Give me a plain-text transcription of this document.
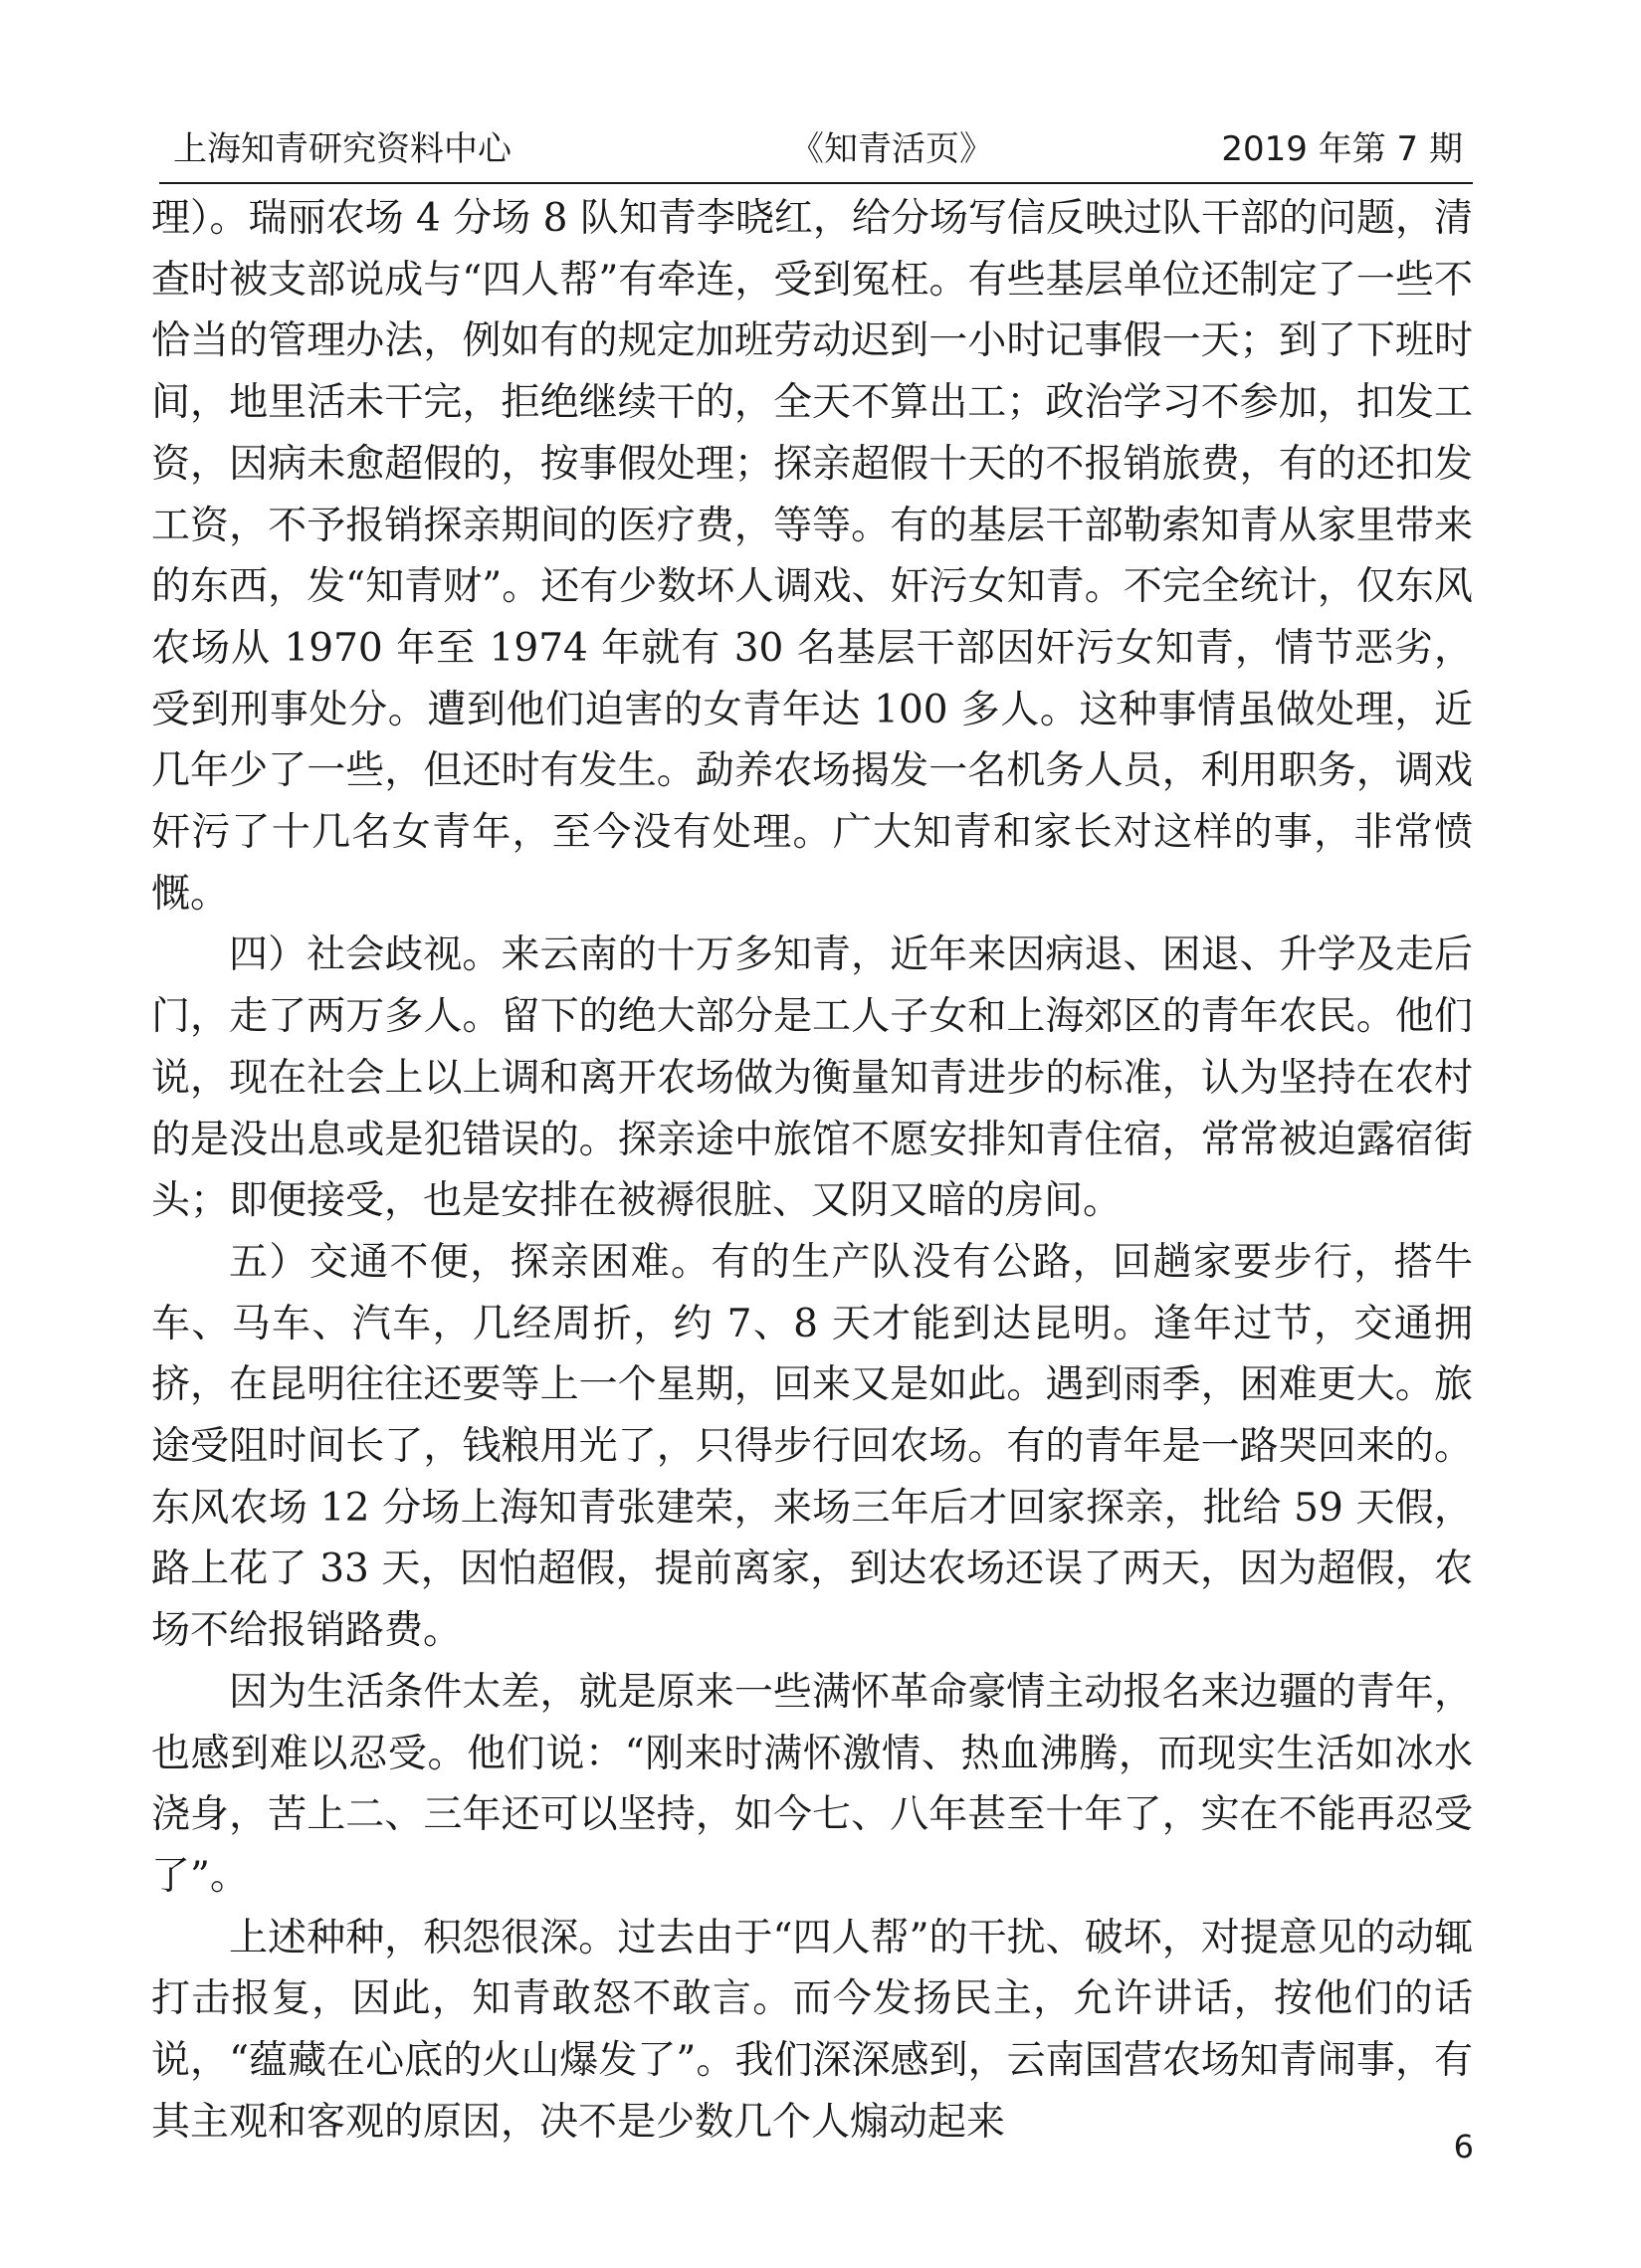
上海知青研究资料中心	《知青活页》	2019 年第 7 期

理）。瑞丽农场 4 分场 8 队知青李晓红，给分场写信反映过队干部的问题，清查时被支部说成与“四人帮”有牵连，受到冤枉。有些基层单位还制定了一些不恰当的管理办法，例如有的规定加班劳动迟到一小时记事假一天；到了下班时间，地里活未干完，拒绝继续干的，全天不算出工；政治学习不参加，扣发工资，因病未愈超假的，按事假处理；探亲超假十天的不报销旅费，有的还扣发工资，不予报销探亲期间的医疗费，等等。有的基层干部勒索知青从家里带来的东西，发“知青财”。还有少数坏人调戏、奸污女知青。不完全统计，仅东风农场从 1970 年至 1974 年就有 30 名基层干部因奸污女知青，情节恶劣，受到刑事处分。遭到他们迫害的女青年达 100 多人。这种事情虽做处理，近几年少了一些，但还时有发生。勐养农场揭发一名机务人员，利用职务，调戏奸污了十几名女青年，至今没有处理。广大知青和家长对这样的事，非常愤慨。

四）社会歧视。来云南的十万多知青，近年来因病退、困退、升学及走后门，走了两万多人。留下的绝大部分是工人子女和上海郊区的青年农民。他们说，现在社会上以上调和离开农场做为衡量知青进步的标准，认为坚持在农村的是没出息或是犯错误的。探亲途中旅馆不愿安排知青住宿，常常被迫露宿街头；即便接受，也是安排在被褥很脏、又阴又暗的房间。

五）交通不便，探亲困难。有的生产队没有公路，回趟家要步行，搭牛车、马车、汽车，几经周折，约 7、8 天才能到达昆明。逢年过节，交通拥挤，在昆明往往还要等上一个星期，回来又是如此。遇到雨季，困难更大。旅途受阻时间长了，钱粮用光了，只得步行回农场。有的青年是一路哭回来的。东风农场 12 分场上海知青张建荣，来场三年后才回家探亲，批给 59 天假，路上花了 33 天，因怕超假，提前离家，到达农场还误了两天，因为超假，农场不给报销路费。

因为生活条件太差，就是原来一些满怀革命豪情主动报名来边疆的青年，也感到难以忍受。他们说：“刚来时满怀激情、热血沸腾，而现实生活如冰水浇身，苦上二、三年还可以坚持，如今七、八年甚至十年了，实在不能再忍受了”。

上述种种，积怨很深。过去由于“四人帮”的干扰、破坏，对提意见的动辄打击报复，因此，知青敢怒不敢言。而今发扬民主，允许讲话，按他们的话说，“蕴藏在心底的火山爆发了”。我们深深感到，云南国营农场知青闹事，有其主观和客观的原因，决不是少数几个人煽动起来

6
